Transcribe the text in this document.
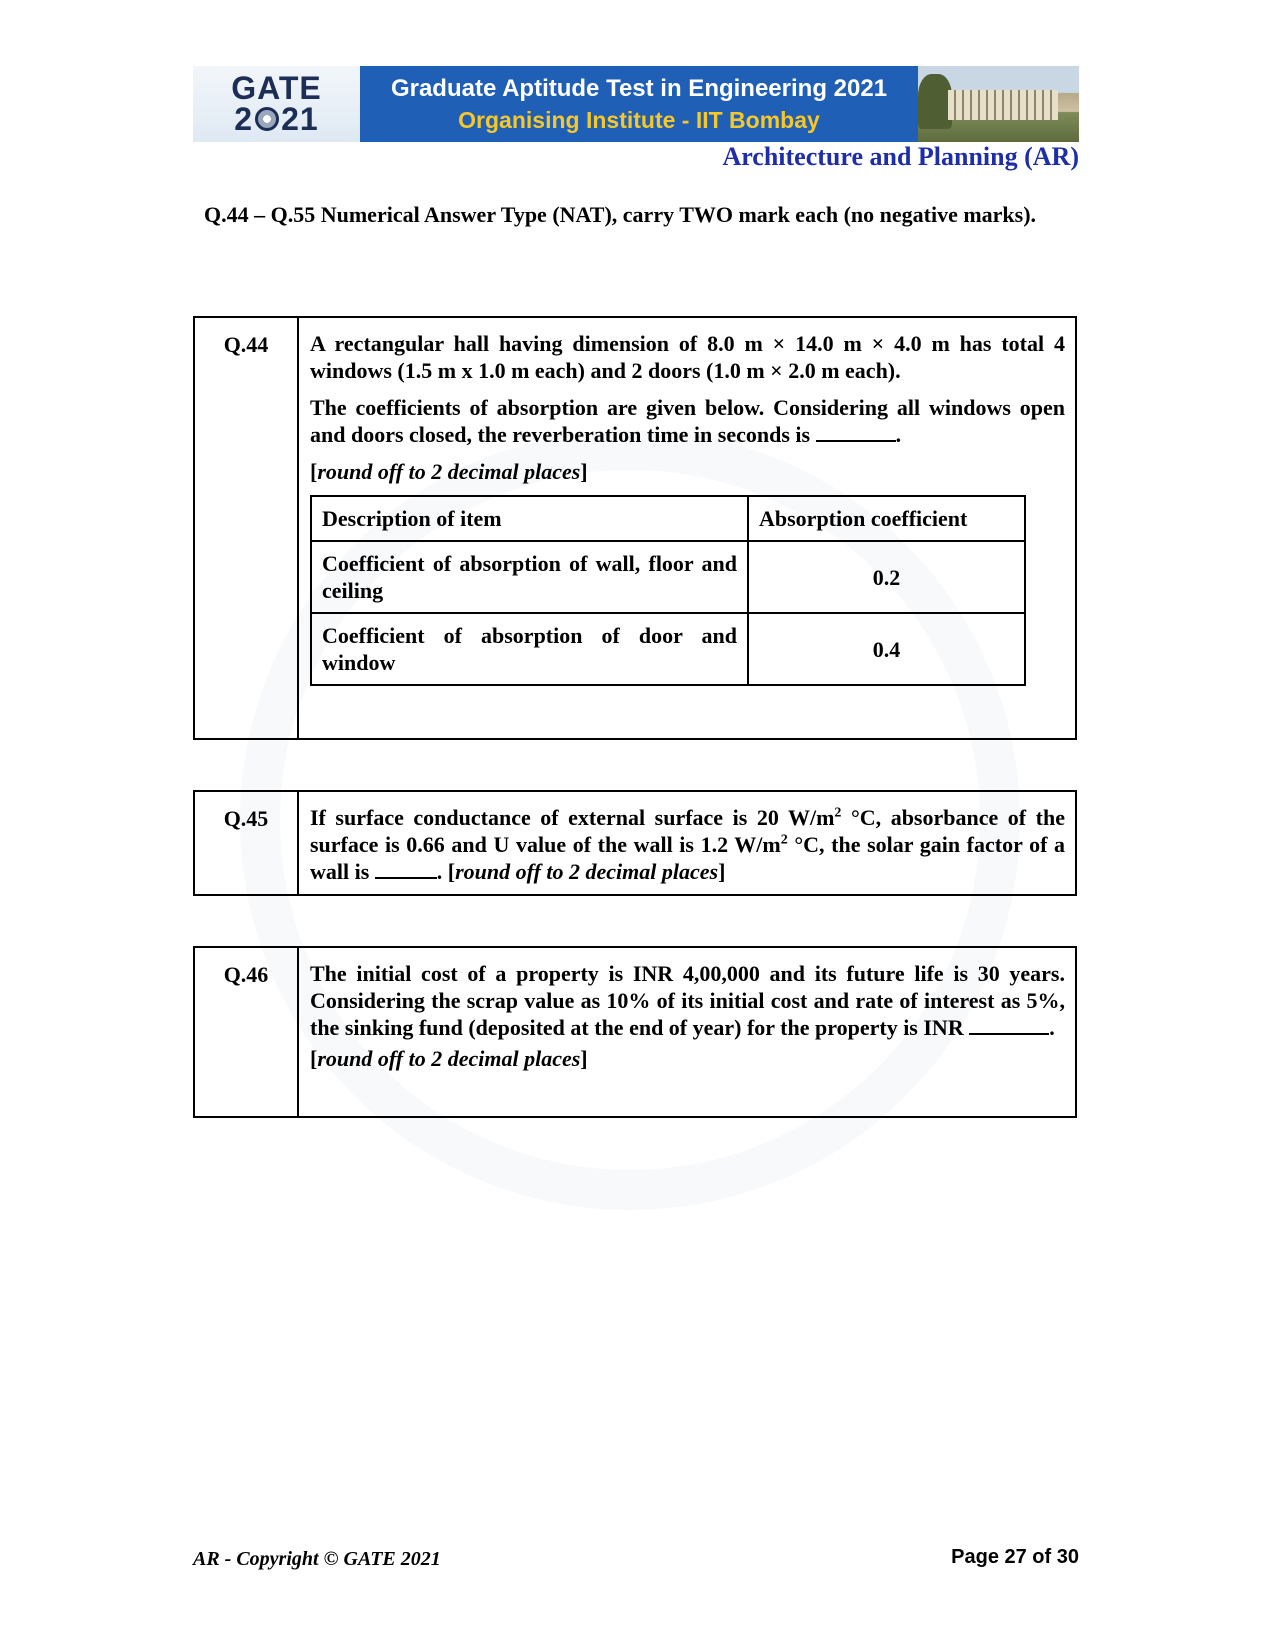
GATE
2 21
Graduate Aptitude Test in Engineering 2021
Organising Institute - IIT Bombay
Architecture and Planning (AR)
Q.44 – Q.55 Numerical Answer Type (NAT), carry TWO mark each (no negative marks).
Q.44	A rectangular hall having dimension of 8.0 m × 14.0 m × 4.0 m has total 4 windows (1.5 m x 1.0 m each) and 2 doors (1.0 m × 2.0 m each).

The coefficients of absorption are given below. Considering all windows open and doors closed, the reverberation time in seconds is	.

[round off to 2 decimal places]

Description of item	Absorption coefficient
Coefficient of absorption of wall, floor and ceiling	0.2
Coefficient of absorption of door and window	0.4
Q.45	If surface conductance of external surface is 20 $W/m^2$ °C, absorbance of the surface is 0.66 and U value of the wall is 1.2 $W/m^2$ °C, the solar gain factor of a wall is	. [round off to 2 decimal places]
Q.46	The initial cost of a property is INR 4,00,000 and its future life is 30 years. Considering the scrap value as 10% of its initial cost and rate of interest as 5%, the sinking fund (deposited at the end of year) for the property is INR	.

[round off to 2 decimal places]

AR - Copyright © GATE 2021	Page 27 of 30
